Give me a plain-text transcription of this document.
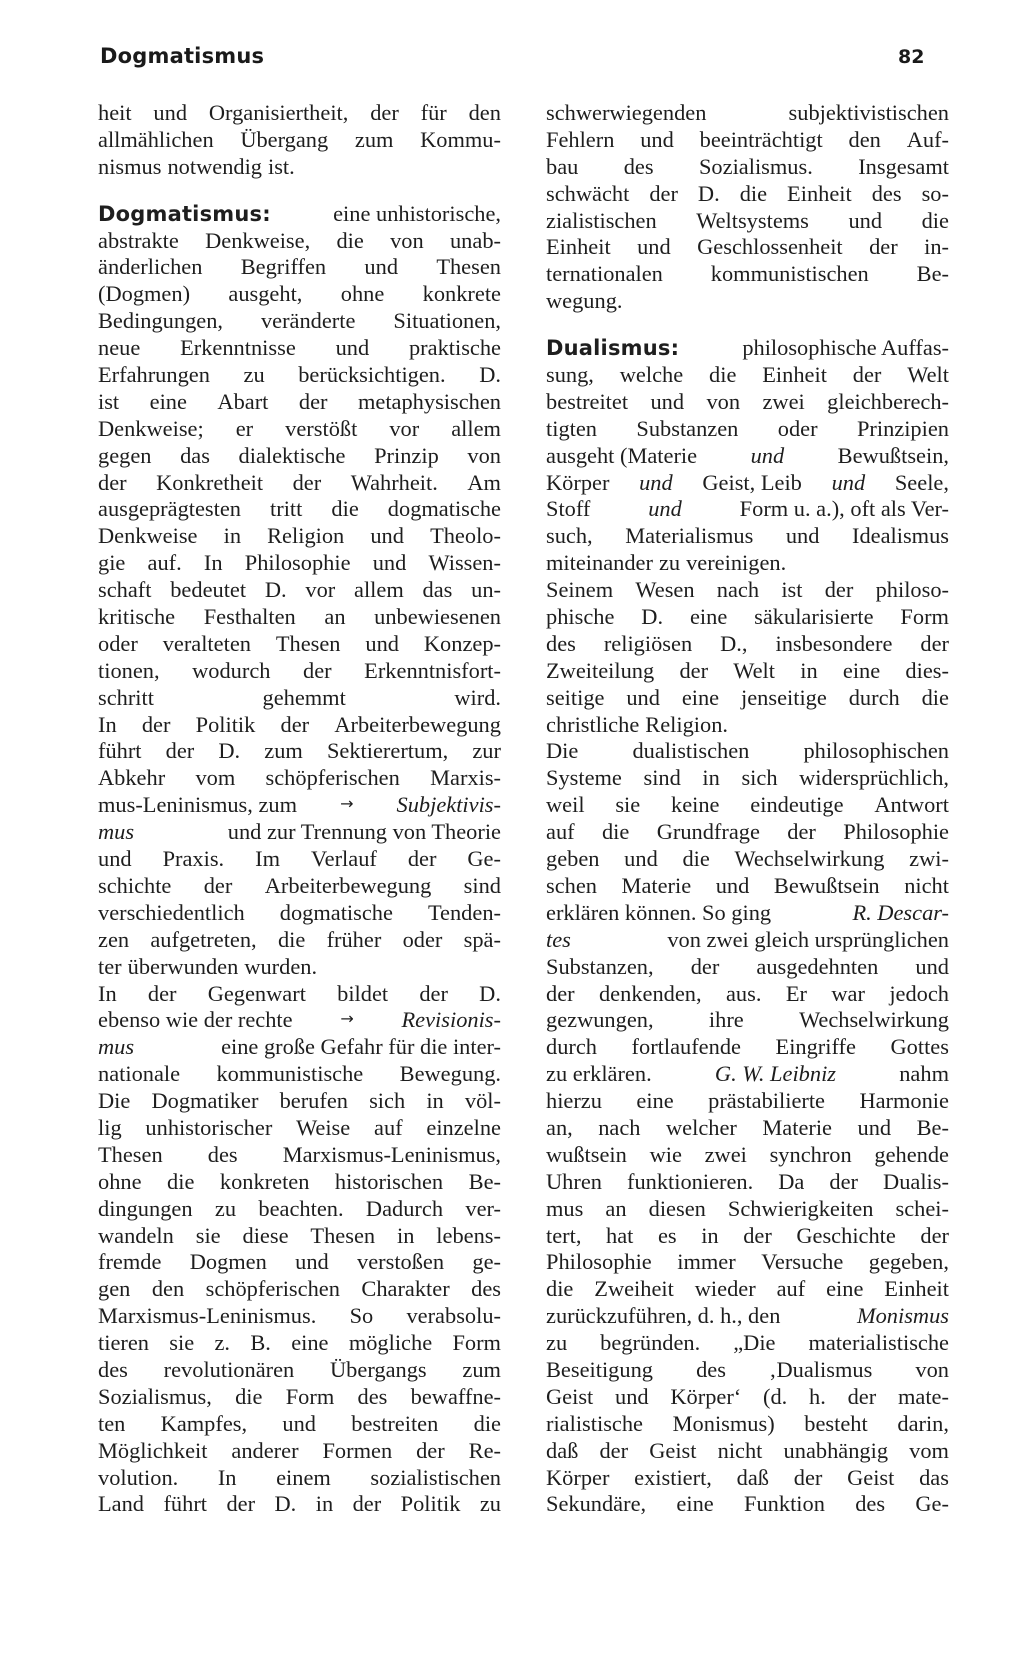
Dogmatismus	82
heit und Organisiertheit, der für den
allmählichen Übergang zum Kommu-
nismus notwendig ist.
Dogmatismus:	eine unhistorische,
abstrakte Denkweise, die von unab-
änderlichen Begriffen und Thesen
(Dogmen) ausgeht, ohne konkrete
Bedingungen, veränderte Situationen,
neue Erkenntnisse und praktische
Erfahrungen zu berücksichtigen. D.
ist eine Abart der metaphysischen
Denkweise; er verstößt vor allem
gegen das dialektische Prinzip von
der Konkretheit der Wahrheit. Am
ausgeprägtesten tritt die dogmatische
Denkweise in Religion und Theolo-
gie auf. In Philosophie und Wissen-
schaft bedeutet D. vor allem das un-
kritische Festhalten an unbewiesenen
oder veralteten Thesen und Konzep-
tionen, wodurch der Erkenntnisfort-
schritt	gehemmt	wird.
In der Politik der Arbeiterbewegung
führt der D. zum Sektierertum, zur
Abkehr vom schöpferischen Marxis-
mus-Leninismus, zum	→ Subjektivis-
mus	und zur Trennung von Theorie
und Praxis. Im Verlauf der Ge-
schichte der Arbeiterbewegung sind
verschiedentlich dogmatische Tenden-
zen aufgetreten, die früher oder spä-
ter überwunden wurden.
In der Gegenwart bildet der D.
ebenso wie der rechte	→ Revisionis-
mus	eine große Gefahr für die inter-
nationale kommunistische Bewegung.
Die Dogmatiker berufen sich in völ-
lig unhistorischer Weise auf einzelne
Thesen des Marxismus-Leninismus,
ohne die konkreten historischen Be-
dingungen zu beachten. Dadurch ver-
wandeln sie diese Thesen in lebens-
fremde Dogmen und verstoßen ge-
gen den schöpferischen Charakter des
Marxismus-Leninismus. So verabsolu-
tieren sie z. B. eine mögliche Form
des revolutionären Übergangs zum
Sozialismus, die Form des bewaffne-
ten Kampfes, und bestreiten die
Möglichkeit anderer Formen der Re-
volution. In einem sozialistischen
Land führt der D. in der Politik zu
schwerwiegenden	subjektivistischen
Fehlern und beeinträchtigt den Auf-
bau des Sozialismus. Insgesamt
schwächt der D. die Einheit des so-
zialistischen Weltsystems und die
Einheit und Geschlossenheit der in-
ternationalen kommunistischen Be-
wegung.
Dualismus:	philosophische Auffas-
sung, welche die Einheit der Welt
bestreitet und von zwei gleichberech-
tigten Substanzen oder Prinzipien
ausgeht (Materie und Bewußtsein,
Körper und Geist, Leib und Seele,
Stoff	und	Form u. a.), oft als Ver-
such, Materialismus und Idealismus
miteinander zu vereinigen.
Seinem Wesen nach ist der philoso-
phische D. eine säkularisierte Form
des religiösen D., insbesondere der
Zweiteilung der Welt in eine dies-
seitige und eine jenseitige durch die
christliche Religion.
Die dualistischen philosophischen
Systeme sind in sich widersprüchlich,
weil sie keine eindeutige Antwort
auf die Grundfrage der Philosophie
geben und die Wechselwirkung zwi-
schen Materie und Bewußtsein nicht
erklären können. So ging	R. Descar-
tes	von zwei gleich ursprünglichen
Substanzen, der ausgedehnten und
der denkenden, aus. Er war jedoch
gezwungen, ihre Wechselwirkung
durch fortlaufende Eingriffe Gottes
zu erklären.	G. W. Leibniz	nahm
hierzu eine prästabilierte Harmonie
an, nach welcher Materie und Be-
wußtsein wie zwei synchron gehende
Uhren funktionieren. Da der Dualis-
mus an diesen Schwierigkeiten schei-
tert, hat es in der Geschichte der
Philosophie immer Versuche gegeben,
die Zweiheit wieder auf eine Einheit
zurückzuführen, d. h., den	Monismus
zu begründen. „Die materialistische
Beseitigung des ‚Dualismus von
Geist und Körper‘ (d. h. der mate-
rialistische Monismus) besteht darin,
daß der Geist nicht unabhängig vom
Körper existiert, daß der Geist das
Sekundäre, eine Funktion des Ge-
